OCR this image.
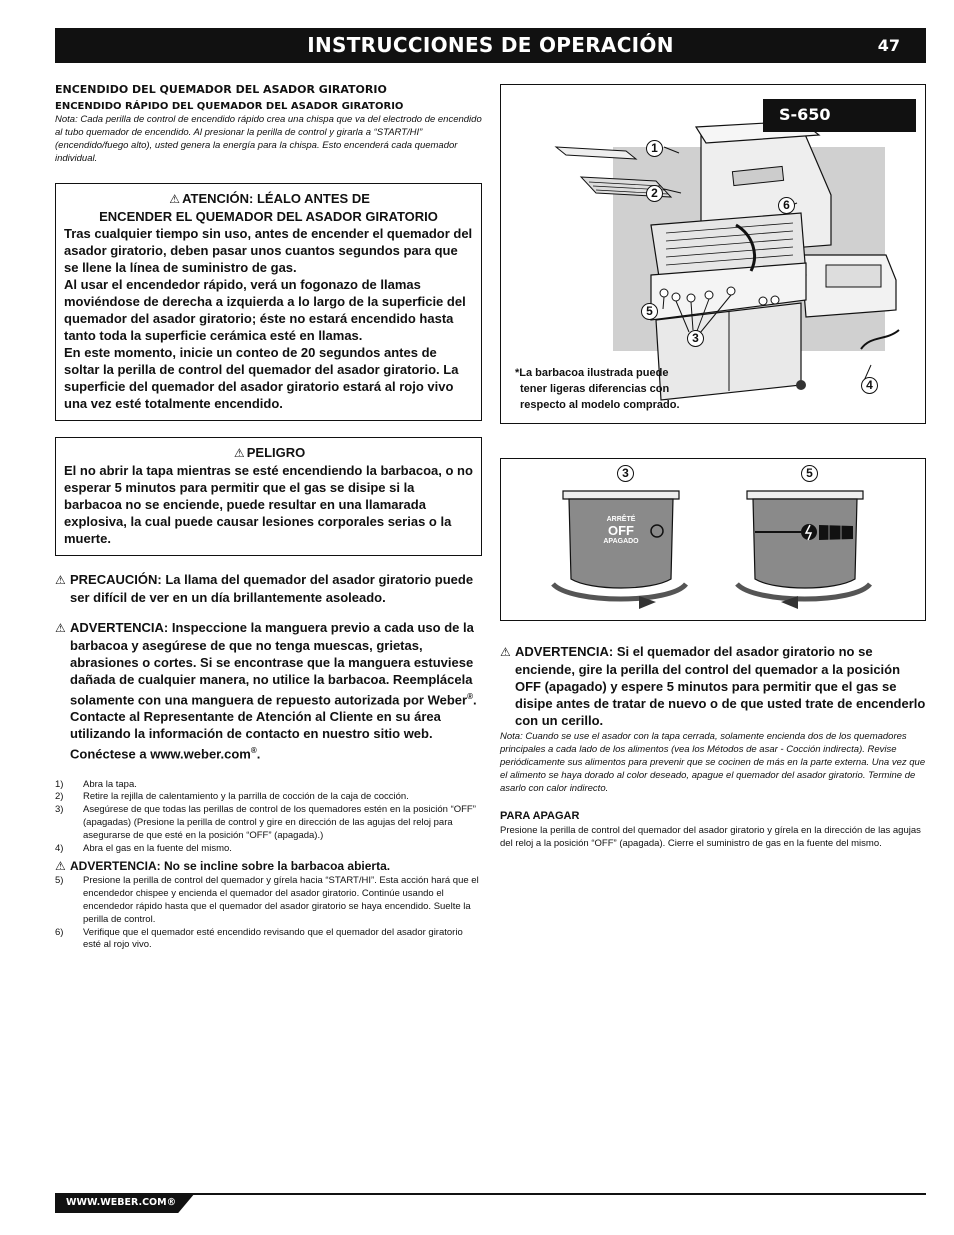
INSTRUCCIONES DE OPERACIÓN	47
ENCENDIDO DEL QUEMADOR DEL ASADOR GIRATORIO
ENCENDIDO RÁPIDO DEL QUEMADOR DEL ASADOR GIRATORIO
Nota: Cada perilla de control de encendido rápido crea una chispa que va del electrodo de encendido al tubo quemador de encendido. Al presionar la perilla de control y girarla a “START/HI” (encendido/fuego alto), usted genera la energía para la chispa. Esto encenderá cada quemador individual.
⚠ ATENCIÓN: LÉALO ANTES DE
ENCENDER EL QUEMADOR DEL ASADOR GIRATORIO
Tras cualquier tiempo sin uso, antes de encender el quemador del asador giratorio, deben pasar unos cuantos segundos para que se llene la línea de suministro de gas.
Al usar el encendedor rápido, verá un fogonazo de llamas moviéndose de derecha a izquierda a lo largo de la superficie del quemador del asador giratorio; éste no estará encendido hasta tanto toda la superficie cerámica esté en llamas.
En este momento, inicie un conteo de 20 segundos antes de soltar la perilla de control del quemador del asador giratorio. La superficie del quemador del asador giratorio estará al rojo vivo una vez esté totalmente encendido.
⚠ PELIGRO
El no abrir la tapa mientras se esté encendiendo la barbacoa, o no esperar 5 minutos para permitir que el gas se disipe si la barbacoa no se enciende, puede resultar en una llamarada explosiva, la cual puede causar lesiones corporales serias o la muerte.
⚠ PRECAUCIÓN: La llama del quemador del asador giratorio puede ser difícil de ver en un día brillantemente asoleado.
⚠ ADVERTENCIA: Inspeccione la manguera previo a cada uso de la barbacoa y asegúrese de que no tenga muescas, grietas, abrasiones o cortes. Si se encontrase que la manguera estuviese dañada de cualquier manera, no utilice la barbacoa. Reemplácela solamente con una manguera de repuesto autorizada por Weber®. Contacte al Representante de Atención al Cliente en su área utilizando la información de contacto en nuestro sitio web. Conéctese a www.weber.com®.
1)	Abra la tapa.
2)	Retire la rejilla de calentamiento y la parrilla de cocción de la caja de cocción.
3)	Asegúrese de que todas las perillas de control de los quemadores estén en la posición “OFF” (apagadas) (Presione la perilla de control y gire en dirección de las agujas del reloj para asegurarse de que esté en la posición “OFF” (apagada).)
4)	Abra el gas en la fuente del mismo.
⚠ ADVERTENCIA: No se incline sobre la barbacoa abierta.
5)	Presione la perilla de control del quemador y gírela hacia “START/HI”. Esta acción hará que el encendedor chispee y encienda el quemador del asador giratorio. Continúe usando el encendedor rápido hasta que el quemador del asador giratorio se haya encendido. Suelte la perilla de control.
6)	Verifique que el quemador esté encendido revisando que el quemador del asador giratorio esté al rojo vivo.
S-650
1
2
3
4
5
6
*La barbacoa ilustrada puede
tener ligeras diferencias con
respecto al modelo comprado.
3	5
ARRÊTÉ
OFF
APAGADO
⚠ ADVERTENCIA: Si el quemador del asador giratorio no se enciende, gire la perilla del control del quemador a la posición OFF (apagado) y espere 5 minutos para permitir que el gas se disipe antes de tratar de nuevo o de que usted trate de encenderlo con un cerillo.
Nota: Cuando se use el asador con la tapa cerrada, solamente encienda dos de los quemadores principales a cada lado de los alimentos (vea los Métodos de asar - Cocción indirecta). Revise periódicamente sus alimentos para prevenir que se cocinen de más en la parte externa. Una vez que el alimento se haya dorado al color deseado, apague el quemador del asador giratorio. Termine de asarlo con calor indirecto.
PARA APAGAR
Presione la perilla de control del quemador del asador giratorio y gírela en la dirección de las agujas del reloj a la posición “OFF” (apagada). Cierre el suministro de gas en la fuente del mismo.
WWW.WEBER.COM®
